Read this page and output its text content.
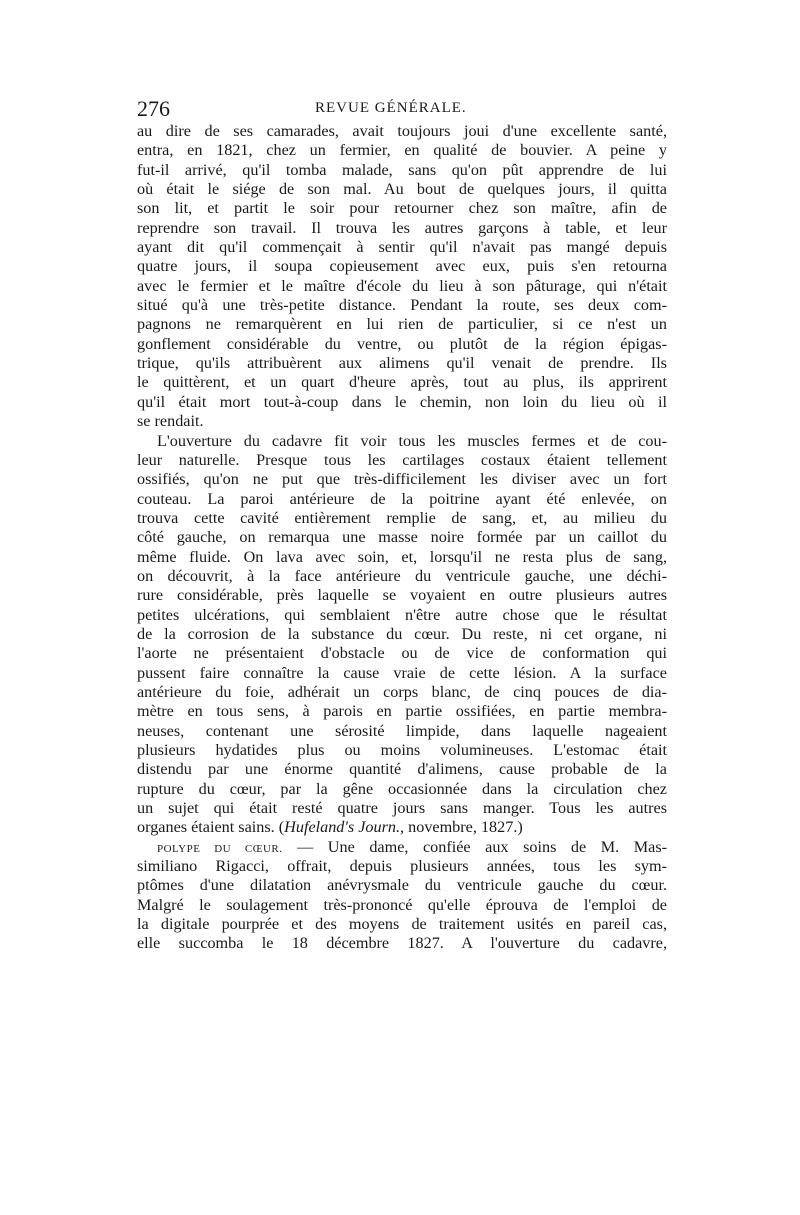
276	REVUE GÉNÉRALE.
au dire de ses camarades, avait toujours joui d'une excellente santé,
entra, en 1821, chez un fermier, en qualité de bouvier. A peine y
fut-il arrivé, qu'il tomba malade, sans qu'on pût apprendre de lui
où était le siége de son mal. Au bout de quelques jours, il quitta
son lit, et partit le soir pour retourner chez son maître, afin de
reprendre son travail. Il trouva les autres garçons à table, et leur
ayant dit qu'il commençait à sentir qu'il n'avait pas mangé depuis
quatre jours, il soupa copieusement avec eux, puis s'en retourna
avec le fermier et le maître d'école du lieu à son pâturage, qui n'était
situé qu'à une très-petite distance. Pendant la route, ses deux com-
pagnons ne remarquèrent en lui rien de particulier, si ce n'est un
gonflement considérable du ventre, ou plutôt de la région épigas-
trique, qu'ils attribuèrent aux alimens qu'il venait de prendre. Ils
le quittèrent, et un quart d'heure après, tout au plus, ils apprirent
qu'il était mort tout-à-coup dans le chemin, non loin du lieu où il
se rendait.
L'ouverture du cadavre fit voir tous les muscles fermes et de cou-
leur naturelle. Presque tous les cartilages costaux étaient tellement
ossifiés, qu'on ne put que très-difficilement les diviser avec un fort
couteau. La paroi antérieure de la poitrine ayant été enlevée, on
trouva cette cavité entièrement remplie de sang, et, au milieu du
côté gauche, on remarqua une masse noire formée par un caillot du
même fluide. On lava avec soin, et, lorsqu'il ne resta plus de sang,
on découvrit, à la face antérieure du ventricule gauche, une déchi-
rure considérable, près laquelle se voyaient en outre plusieurs autres
petites ulcérations, qui semblaient n'être autre chose que le résultat
de la corrosion de la substance du cœur. Du reste, ni cet organe, ni
l'aorte ne présentaient d'obstacle ou de vice de conformation qui
pussent faire connaître la cause vraie de cette lésion. A la surface
antérieure du foie, adhérait un corps blanc, de cinq pouces de dia-
mètre en tous sens, à parois en partie ossifiées, en partie membra-
neuses, contenant une sérosité limpide, dans laquelle nageaient
plusieurs hydatides plus ou moins volumineuses. L'estomac était
distendu par une énorme quantité d'alimens, cause probable de la
rupture du cœur, par la gêne occasionnée dans la circulation chez
un sujet qui était resté quatre jours sans manger. Tous les autres
organes étaient sains. (Hufeland's Journ., novembre, 1827.)
POLYPE DU CŒUR. — Une dame, confiée aux soins de M. Mas-
similiano Rigacci, offrait, depuis plusieurs années, tous les sym-
ptômes d'une dilatation anévrysmale du ventricule gauche du cœur.
Malgré le soulagement très-prononcé qu'elle éprouva de l'emploi de
la digitale pourprée et des moyens de traitement usités en pareil cas,
elle succomba le 18 décembre 1827. A l'ouverture du cadavre,
